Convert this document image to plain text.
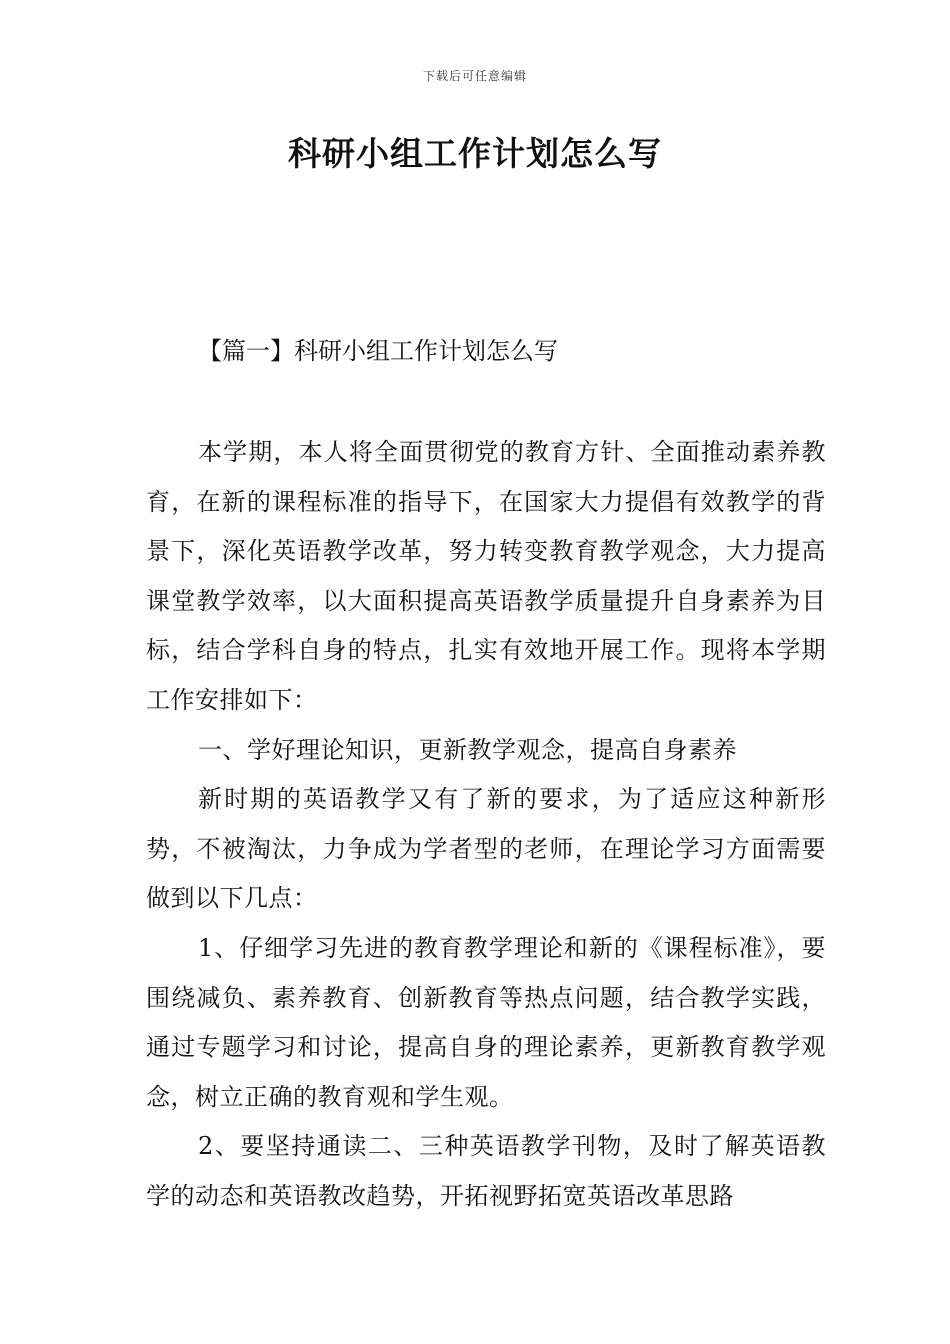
下载后可任意编辑
科研小组工作计划怎么写
【篇一】科研小组工作计划怎么写

本学期，本人将全面贯彻党的教育方针、全面推动素养教育，在新的课程标准的指导下，在国家大力提倡有效教学的背景下，深化英语教学改革，努力转变教育教学观念，大力提高课堂教学效率，以大面积提高英语教学质量提升自身素养为目标，结合学科自身的特点，扎实有效地开展工作。现将本学期工作安排如下：

一、学好理论知识，更新教学观念，提高自身素养

新时期的英语教学又有了新的要求，为了适应这种新形势，不被淘汰，力争成为学者型的老师，在理论学习方面需要做到以下几点：

1、仔细学习先进的教育教学理论和新的《课程标准》，要围绕减负、素养教育、创新教育等热点问题，结合教学实践，通过专题学习和讨论，提高自身的理论素养，更新教育教学观念，树立正确的教育观和学生观。

2、要坚持通读二、三种英语教学刊物，及时了解英语教学的动态和英语教改趋势，开拓视野拓宽英语改革思路
